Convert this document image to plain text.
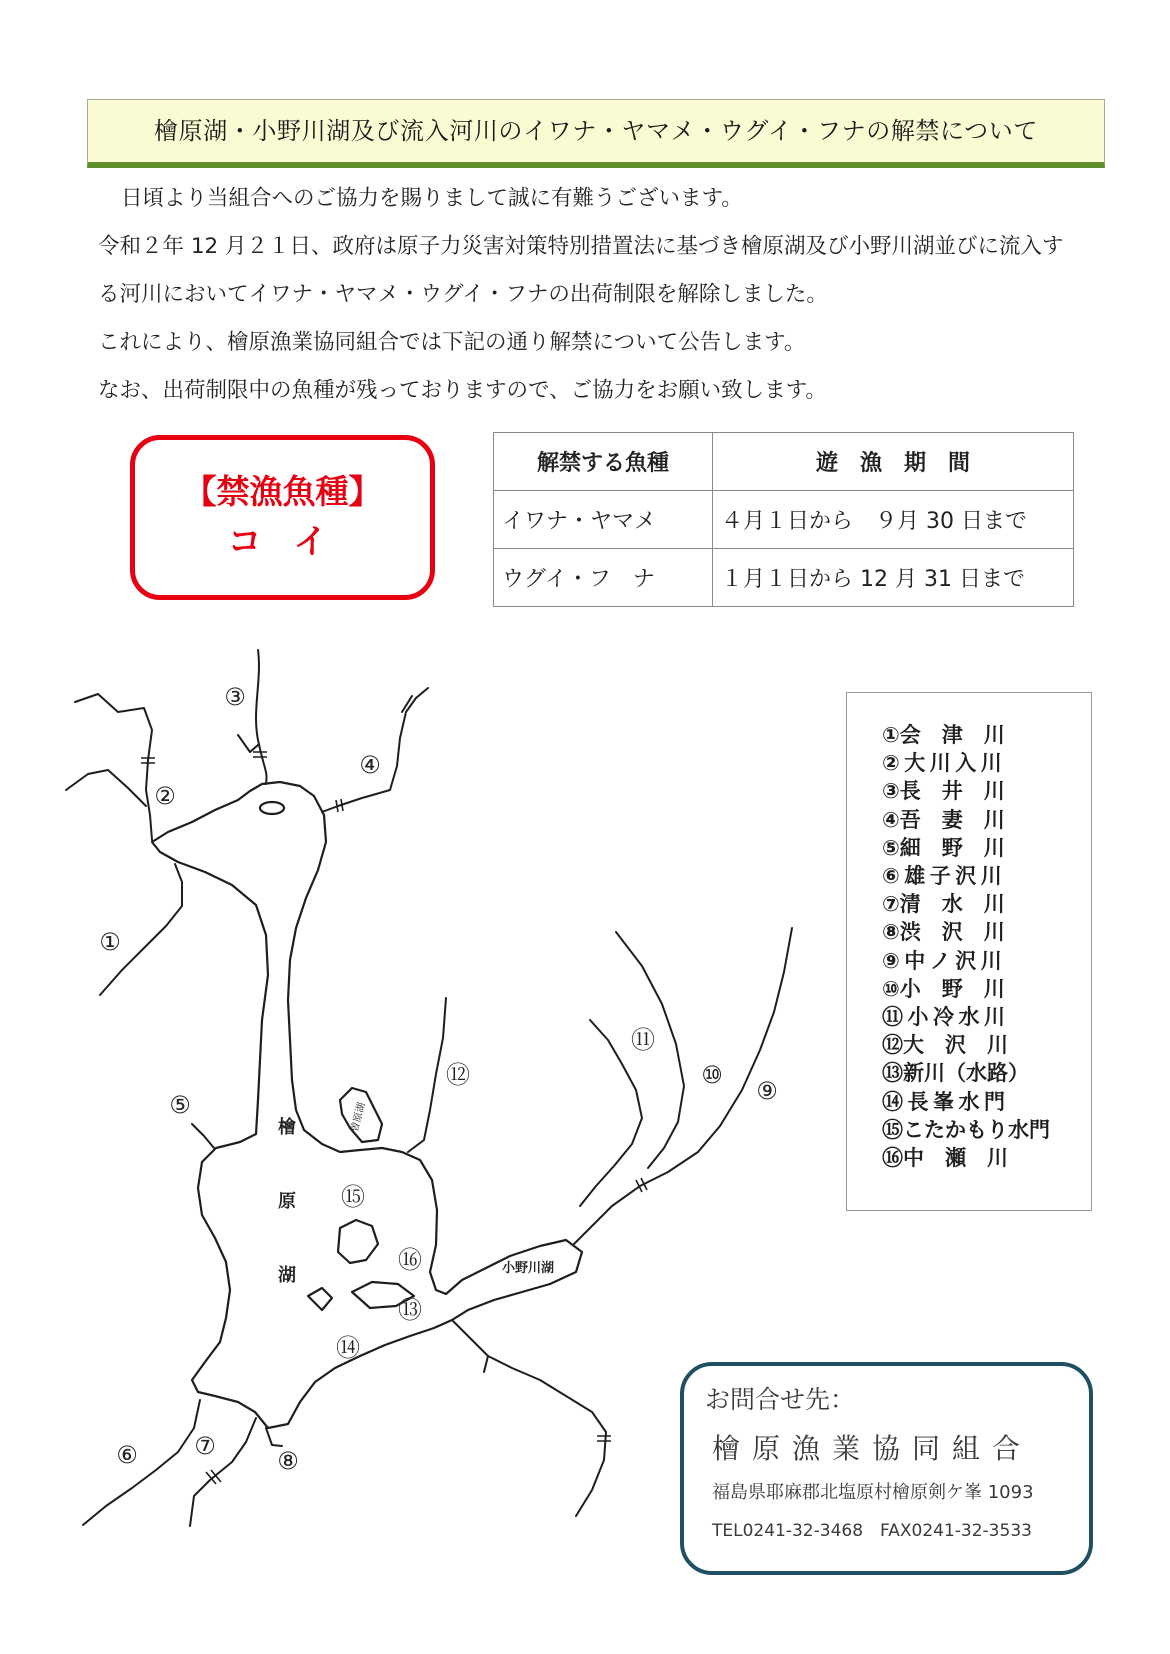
檜原湖・小野川湖及び流入河川のイワナ・ヤマメ・ウグイ・フナの解禁について

日頃より当組合へのご協力を賜りまして誠に有難うございます。

令和２年 12 月２１日、政府は原子力災害対策特別措置法に基づき檜原湖及び小野川湖並びに流入す

る河川においてイワナ・ヤマメ・ウグイ・フナの出荷制限を解除しました。

これにより、檜原漁業協同組合では下記の通り解禁について公告します。

なお、出荷制限中の魚種が残っておりますので、ご協力をお願い致します。

【禁漁魚種】
コ イ
解禁する魚種	遊　漁　期　間
イワナ・ヤマメ	４月１日から　９月 30 日まで
ウグイ・フ　ナ	１月１日から 12 月 31 日まで
小野川湖
曽原湖
①
②
③
④
⑤
⑥ ⑦
⑧
⑨
⑩
⑪
⑫
⑬
⑭
⑮
⑯
檜原湖
①会　津　川
②大川入川
③長　井　川
④吾　妻　川
⑤細　野　川
⑥雄子沢川
⑦清　水　川
⑧渋　沢　川
⑨中ノ沢川
⑩小　野　川
⑪小冷水川
⑫大　沢　川
⑬新川（水路）
⑭長峯水門
⑮こたかもり水門
⑯中　瀬　川
お問合せ先：
檜原漁業協同組合
福島県耶麻郡北塩原村檜原剣ケ峯 1093
TEL0241-32-3468　FAX0241-32-3533
